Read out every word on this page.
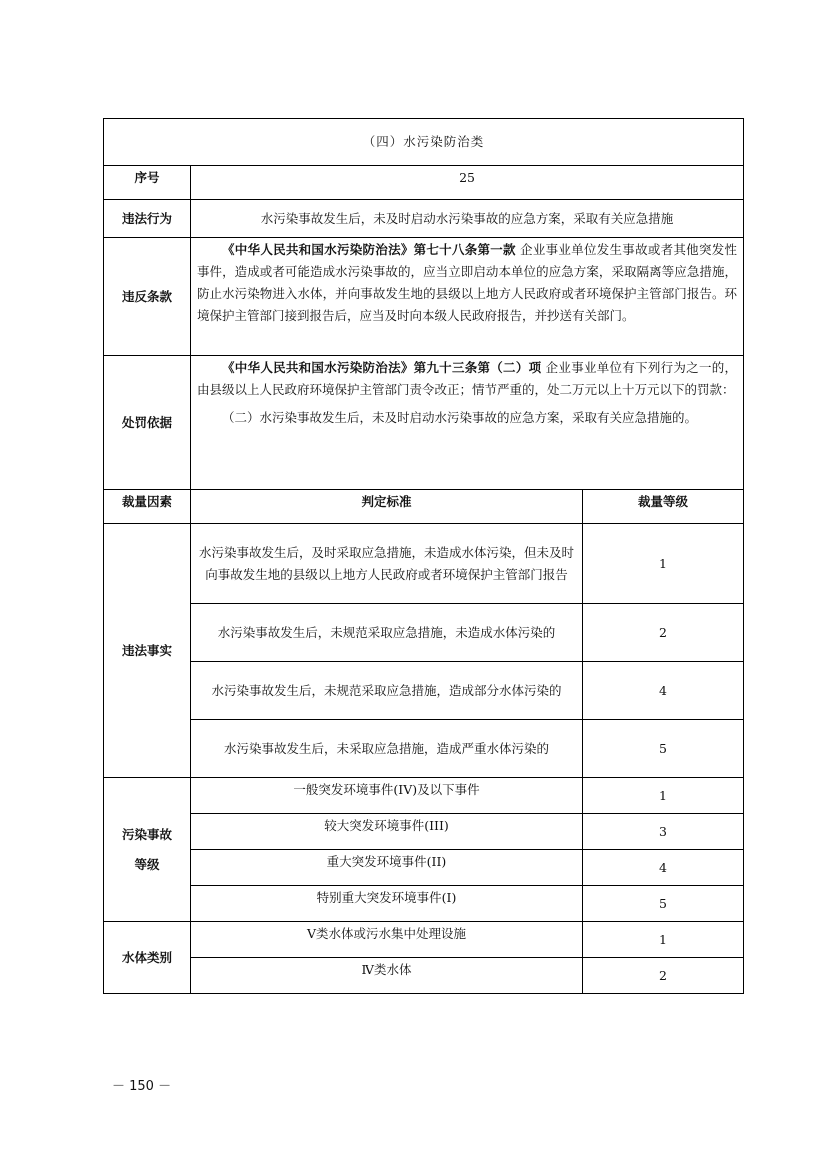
（四）水污染防治类		
序号	25	
违法行为	水污染事故发生后，未及时启动水污染事故的应急方案，采取有关应急措施	
违反条款	《中华人民共和国水污染防治法》第七十八条第一款 企业事业单位发生事故或者其他突发性事件，造成或者可能造成水污染事故的，应当立即启动本单位的应急方案，采取隔离等应急措施，防止水污染物进入水体，并向事故发生地的县级以上地方人民政府或者环境保护主管部门报告。环境保护主管部门接到报告后，应当及时向本级人民政府报告，并抄送有关部门。	

处罚依据	《中华人民共和国水污染防治法》第九十三条第（二）项 企业事业单位有下列行为之一的，由县级以上人民政府环境保护主管部门责令改正；情节严重的，处二万元以上十万元以下的罚款：

（二）水污染事故发生后，未及时启动水污染事故的应急方案，采取有关应急措施的。	

裁量因素	判定标准	裁量等级
违法事实	水污染事故发生后，及时采取应急措施，未造成水体污染，但未及时向事故发生地的县级以上地方人民政府或者环境保护主管部门报告	1
	水污染事故发生后，未规范采取应急措施，未造成水体污染的	2
	水污染事故发生后，未规范采取应急措施，造成部分水体污染的	4
	水污染事故发生后，未采取应急措施，造成严重水体污染的	5

污染事故
等级	一般突发环境事件(IV)及以下事件	1
	较大突发环境事件(III)	3
	重大突发环境事件(II)	4
	特别重大突发环境事件(I)	5
水体类别	Ⅴ类水体或污水集中处理设施	1
	Ⅳ类水体	2
－ 150 －
